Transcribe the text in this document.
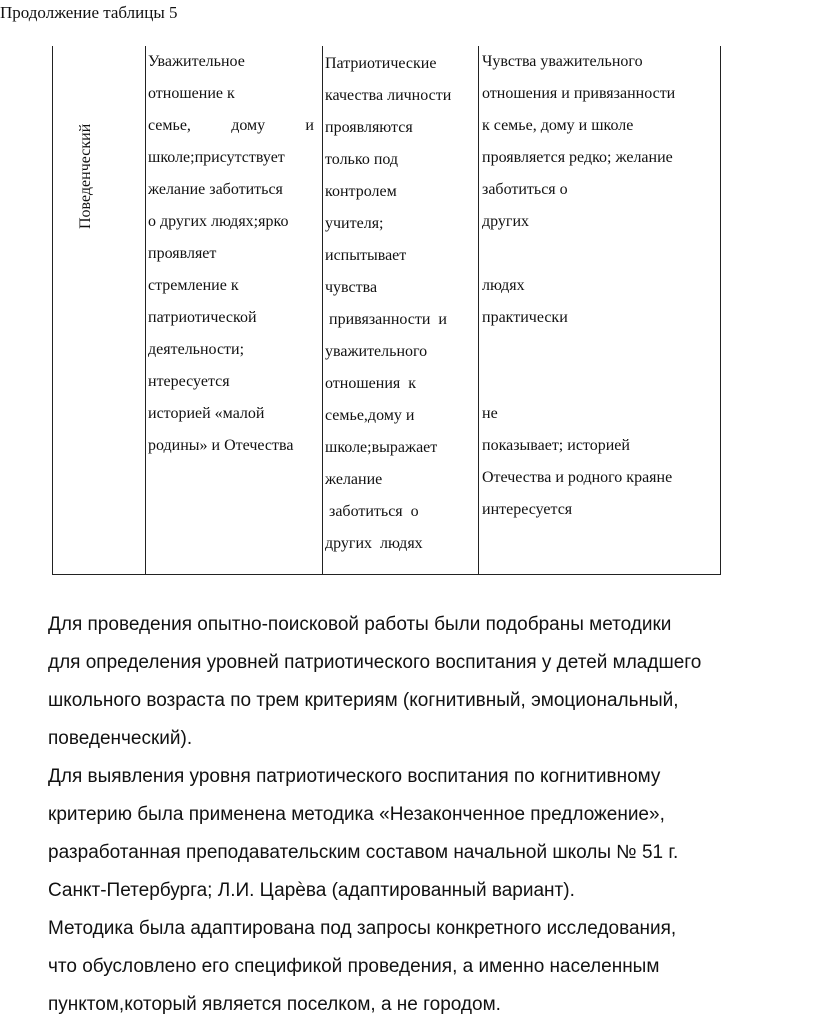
Продолжение таблицы 5
Поведенческий
Уважительное
отношение к
семье,	дому	и
школе;присутствует
желание заботиться
о других людях;ярко
проявляет
стремление к
патриотической
деятельности;
нтересуется
историей «малой
родины» и Отечества
Патриотические
качества личности
проявляются
только под
контролем
учителя;
испытывает
чувства
привязанности  и
уважительного
отношения  к
семье,дому и
школе;выражает
желание
заботиться  о
других  людях
Чувства уважительного
отношения и привязанности
к семье, дому и школе
проявляется редко; желание
заботиться о
других
людях
практически
не
показывает; историей
Отечества и родного краяне
интересуется
Для проведения опытно-поисковой работы были подобраны методики
для определения уровней патриотического воспитания у детей младшего
школьного возраста по трем критериям (когнитивный, эмоциональный,
поведенческий).
Для выявления уровня патриотического воспитания по когнитивному
критерию была применена методика «Незаконченное предложение»,
разработанная преподавательским составом начальной школы № 51 г.
Санкт-Петербурга; Л.И. Царѐва (адаптированный вариант).
Методика была адаптирована под запросы конкретного исследования,
что обусловлено его спецификой проведения, а именно населенным
пунктом,который является поселком, а не городом.
